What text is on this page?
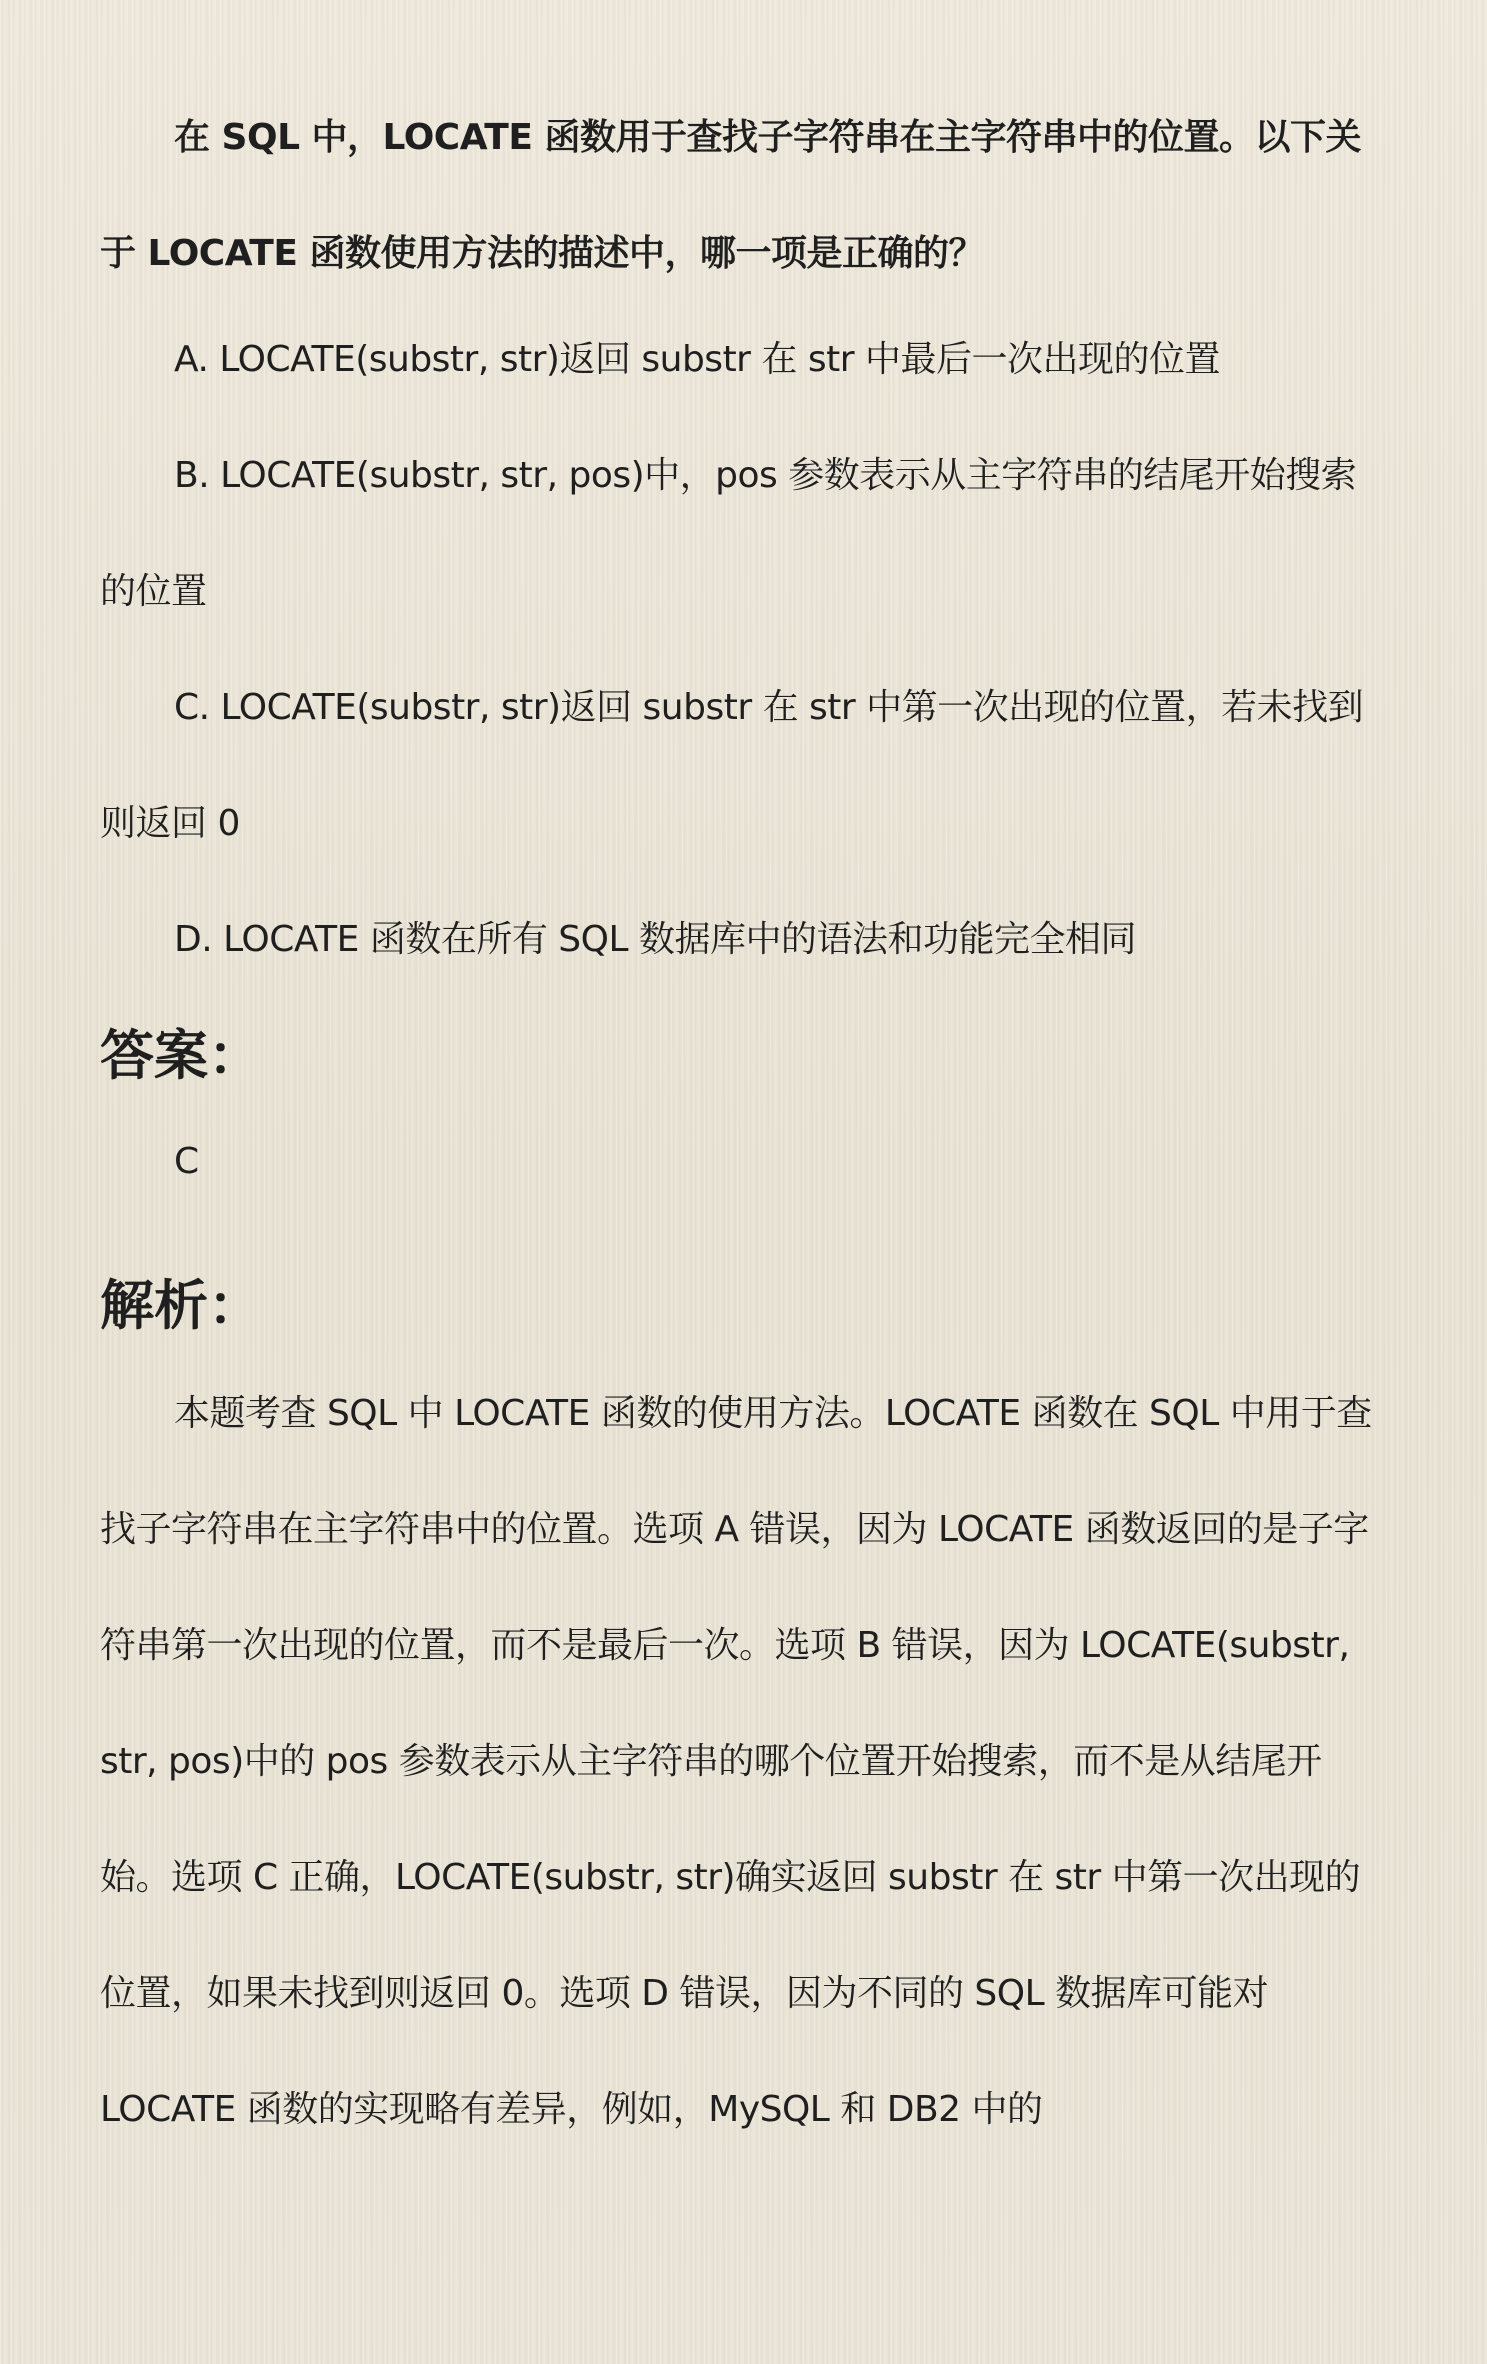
在 SQL 中，LOCATE 函数用于查找子字符串在主字符串中的位置。以下关于 LOCATE 函数使用方法的描述中，哪一项是正确的？

A. LOCATE(substr, str)返回 substr 在 str 中最后一次出现的位置

B. LOCATE(substr, str, pos)中，pos 参数表示从主字符串的结尾开始搜索的位置

C. LOCATE(substr, str)返回 substr 在 str 中第一次出现的位置，若未找到则返回 0

D. LOCATE 函数在所有 SQL 数据库中的语法和功能完全相同

答案：

C

解析：

本题考查 SQL 中 LOCATE 函数的使用方法。LOCATE 函数在 SQL 中用于查找子字符串在主字符串中的位置。选项 A 错误，因为 LOCATE 函数返回的是子字符串第一次出现的位置，而不是最后一次。选项 B 错误，因为 LOCATE(substr, str, pos)中的 pos 参数表示从主字符串的哪个位置开始搜索，而不是从结尾开始。选项 C 正确，LOCATE(substr, str)确实返回 substr 在 str 中第一次出现的位置，如果未找到则返回 0。选项 D 错误，因为不同的 SQL 数据库可能对 LOCATE 函数的实现略有差异，例如，MySQL 和 DB2 中的
